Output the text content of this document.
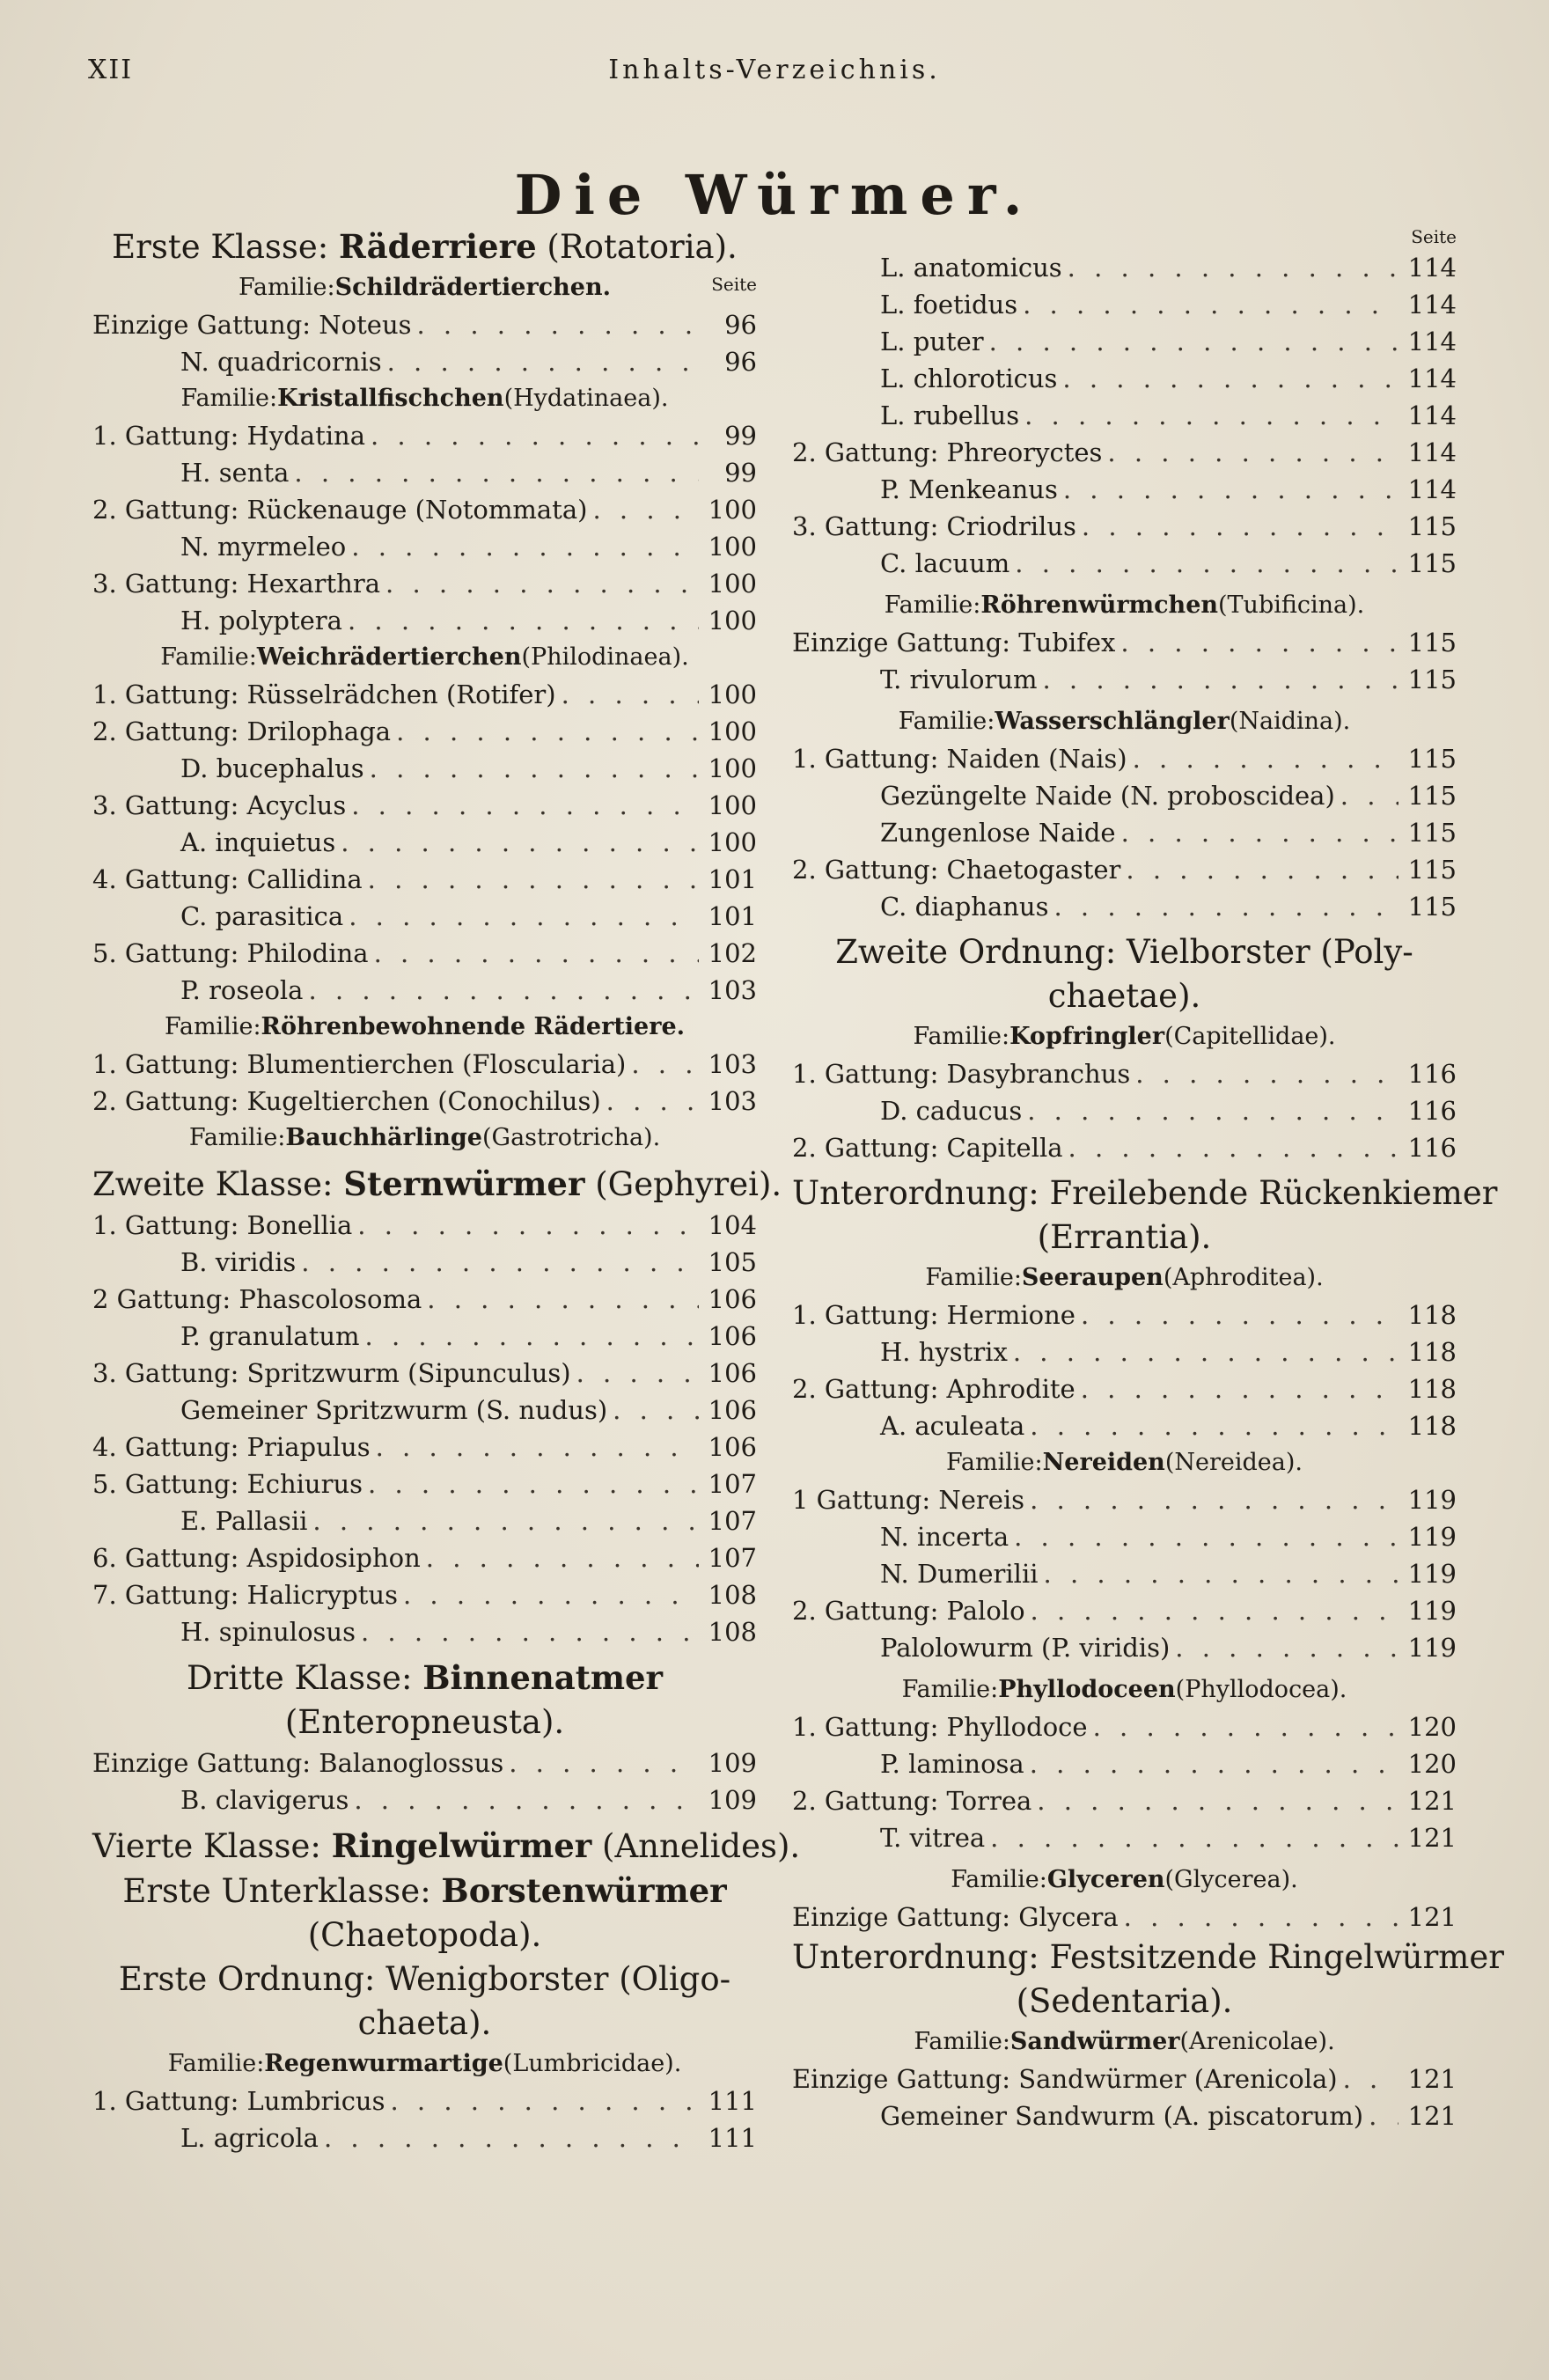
XII	Inhalts-Verzeichnis.
Die Würmer.
Erste Klasse: Räderriere (Rotatoria).
Familie: Schildrädertierchen.	Seite
Einzige Gattung: Noteus . . .	96
N. quadricornis . . .	96
Familie: Kristallfischchen (Hydatinaea).
1. Gattung: Hydatina . . .	99
H. senta . . .	99
2. Gattung: Rückenauge (Notommata) . . .	100
N. myrmeleo . . .	100
3. Gattung: Hexarthra . . .	100
H. polyptera . . .	100
Familie: Weichrädertierchen (Philodinaea).
1. Gattung: Rüsselrädchen (Rotifer) . . .	100
2. Gattung: Drilophaga . . .	100
D. bucephalus . . .	100
3. Gattung: Acyclus . . .	100
A. inquietus . . .	100
4. Gattung: Callidina . . .	101
C. parasitica . . .	101
5. Gattung: Philodina . . .	102
P. roseola . . .	103
Familie: Röhrenbewohnende Rädertiere.
1. Gattung: Blumentierchen (Floscularia) . . .	103
2. Gattung: Kugeltierchen (Conochilus) . . .	103
Familie: Bauchhärlinge (Gastrotricha).
Zweite Klasse: Sternwürmer (Gephyrei).
1. Gattung: Bonellia . . .	104
B. viridis . . .	105
2 Gattung: Phascolosoma . . .	106
P. granulatum . . .	106
3. Gattung: Spritzwurm (Sipunculus) . . .	106
Gemeiner Spritzwurm (S. nudus) . . .	106
4. Gattung: Priapulus . . .	106
5. Gattung: Echiurus . . .	107
E. Pallasii . . .	107
6. Gattung: Aspidosiphon . . .	107
7. Gattung: Halicryptus . . .	108
H. spinulosus . . .	108
Dritte Klasse: Binnenatmer
(Enteropneusta).
Einzige Gattung: Balanoglossus . . .	109
B. clavigerus . . .	109
Vierte Klasse: Ringelwürmer (Annelides).
Erste Unterklasse: Borstenwürmer
(Chaetopoda).
Erste Ordnung: Wenigborster (Oligo-
chaeta).
Familie: Regenwurmartige (Lumbricidae).
1. Gattung: Lumbricus . . .	111
L. agricola . . .	111
Seite
L. anatomicus . . .	114
L. foetidus . . .	114
L. puter . . .	114
L. chloroticus . . .	114
L. rubellus . . .	114
2. Gattung: Phreoryctes . . .	114
P. Menkeanus . . .	114
3. Gattung: Criodrilus . . .	115
C. lacuum . . .	115
Familie: Röhrenwürmchen (Tubificina).
Einzige Gattung: Tubifex . . .	115
T. rivulorum . . .	115
Familie: Wasserschlängler (Naidina).
1. Gattung: Naiden (Nais) . . .	115
Gezüngelte Naide (N. proboscidea) . . .	115
Zungenlose Naide . . .	115
2. Gattung: Chaetogaster . . .	115
C. diaphanus . . .	115
Zweite Ordnung: Vielborster (Poly-
chaetae).
Familie: Kopfringler (Capitellidae).
1. Gattung: Dasybranchus . . .	116
D. caducus . . .	116
2. Gattung: Capitella . . .	116
Unterordnung: Freilebende Rückenkiemer
(Errantia).
Familie: Seeraupen (Aphroditea).
1. Gattung: Hermione . . .	118
H. hystrix . . .	118
2. Gattung: Aphrodite . . .	118
A. aculeata . . .	118
Familie: Nereiden (Nereidea).
1 Gattung: Nereis . . .	119
N. incerta . . .	119
N. Dumerilii . . .	119
2. Gattung: Palolo . . .	119
Palolowurm (P. viridis) . . .	119
Familie: Phyllodoceen (Phyllodocea).
1. Gattung: Phyllodoce . . .	120
P. laminosa . . .	120
2. Gattung: Torrea . . .	121
T. vitrea . . .	121
Familie: Glyceren (Glycerea).
Einzige Gattung: Glycera . . .	121
Unterordnung: Festsitzende Ringelwürmer
(Sedentaria).
Familie: Sandwürmer (Arenicolae).
Einzige Gattung: Sandwürmer (Arenicola) . . .	121
Gemeiner Sandwurm (A. piscatorum) . . . 121
